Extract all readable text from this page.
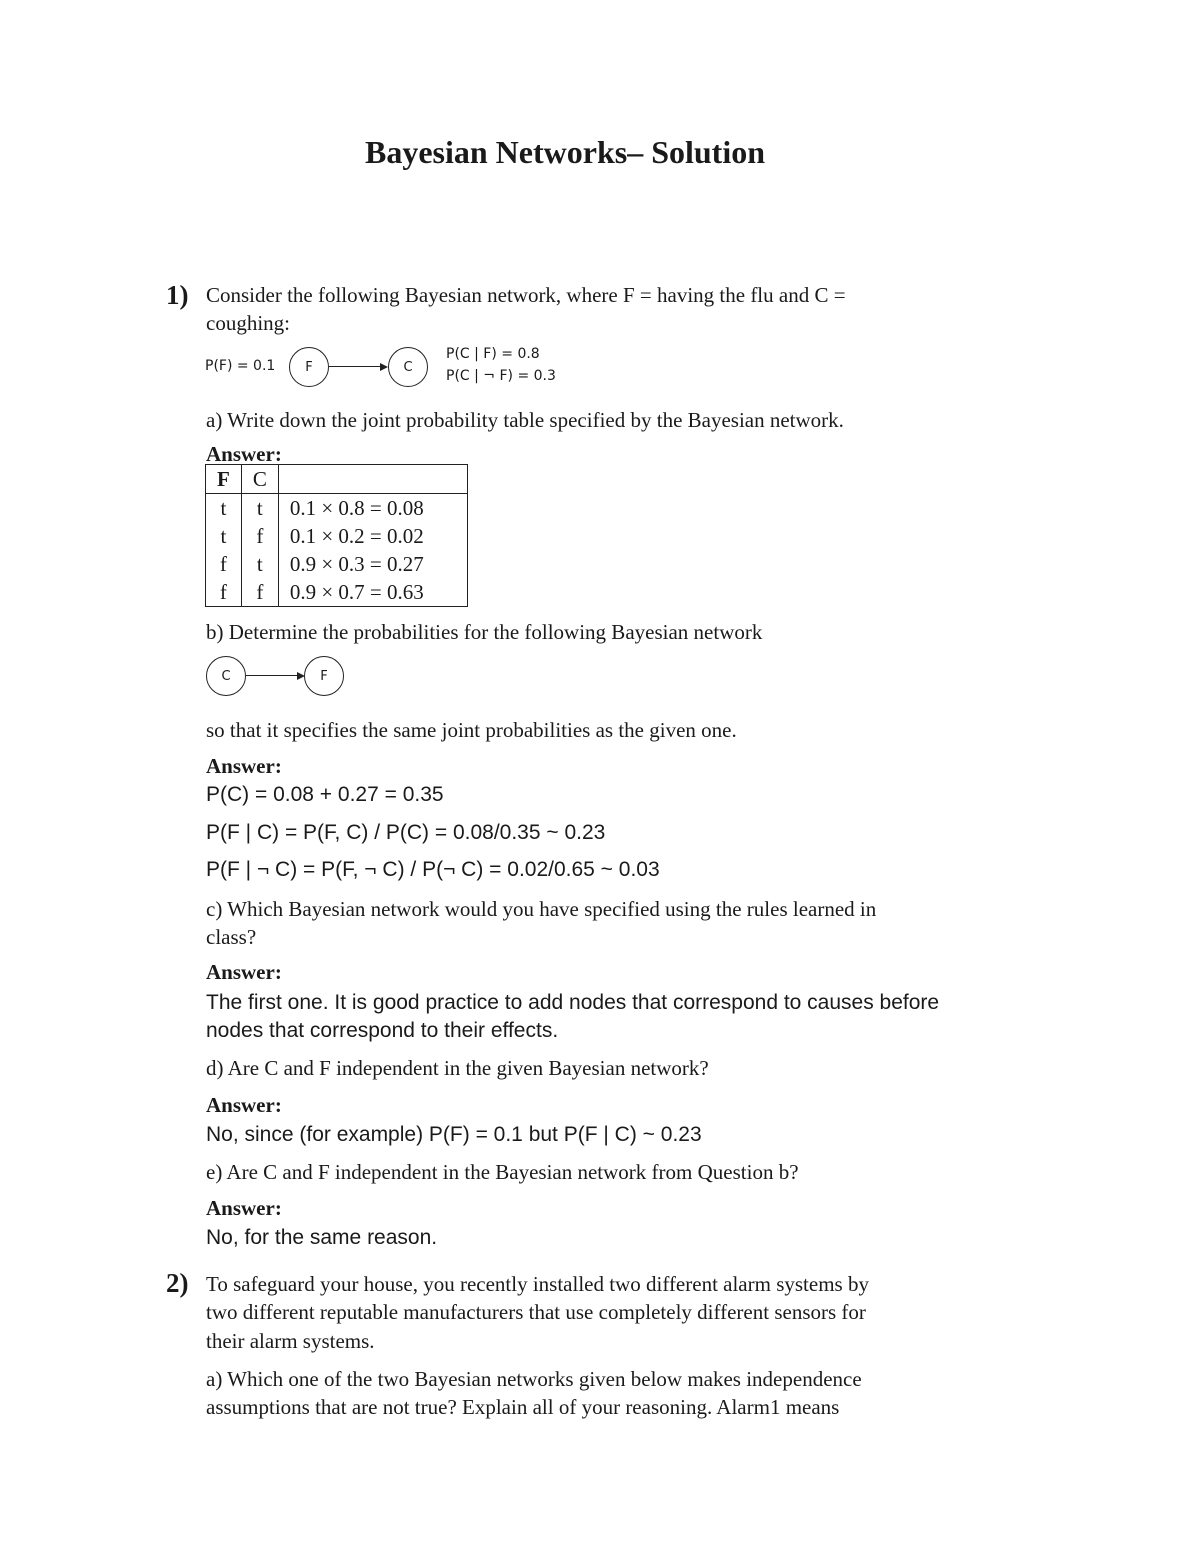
Bayesian Networks– Solution
1) Consider the following Bayesian network, where F = having the flu and C =
coughing:
P(F) = 0.1	F	C
P(C | F) = 0.8
P(C | ¬ F) = 0.3
a) Write down the joint probability table specified by the Bayesian network.
Answer:
F	C	
t	t	0.1 × 0.8 = 0.08
t	f	0.1 × 0.2 = 0.02
f	t	0.9 × 0.3 = 0.27
f	f	0.9 × 0.7 = 0.63
b) Determine the probabilities for the following Bayesian network
C	F
so that it specifies the same joint probabilities as the given one.
Answer:
P(C) = 0.08 + 0.27 = 0.35
P(F | C) = P(F, C) / P(C) = 0.08/0.35 ~ 0.23
P(F | ¬ C) = P(F, ¬ C) / P(¬ C) = 0.02/0.65 ~ 0.03
c) Which Bayesian network would you have specified using the rules learned in
class?
Answer:
The first one. It is good practice to add nodes that correspond to causes before
nodes that correspond to their effects.
d) Are C and F independent in the given Bayesian network?
Answer:
No, since (for example) P(F) = 0.1 but P(F | C) ~ 0.23
e) Are C and F independent in the Bayesian network from Question b?
Answer:
No, for the same reason.
2) To safeguard your house, you recently installed two different alarm systems by
two different reputable manufacturers that use completely different sensors for
their alarm systems.
a) Which one of the two Bayesian networks given below makes independence
assumptions that are not true? Explain all of your reasoning. Alarm1 means
